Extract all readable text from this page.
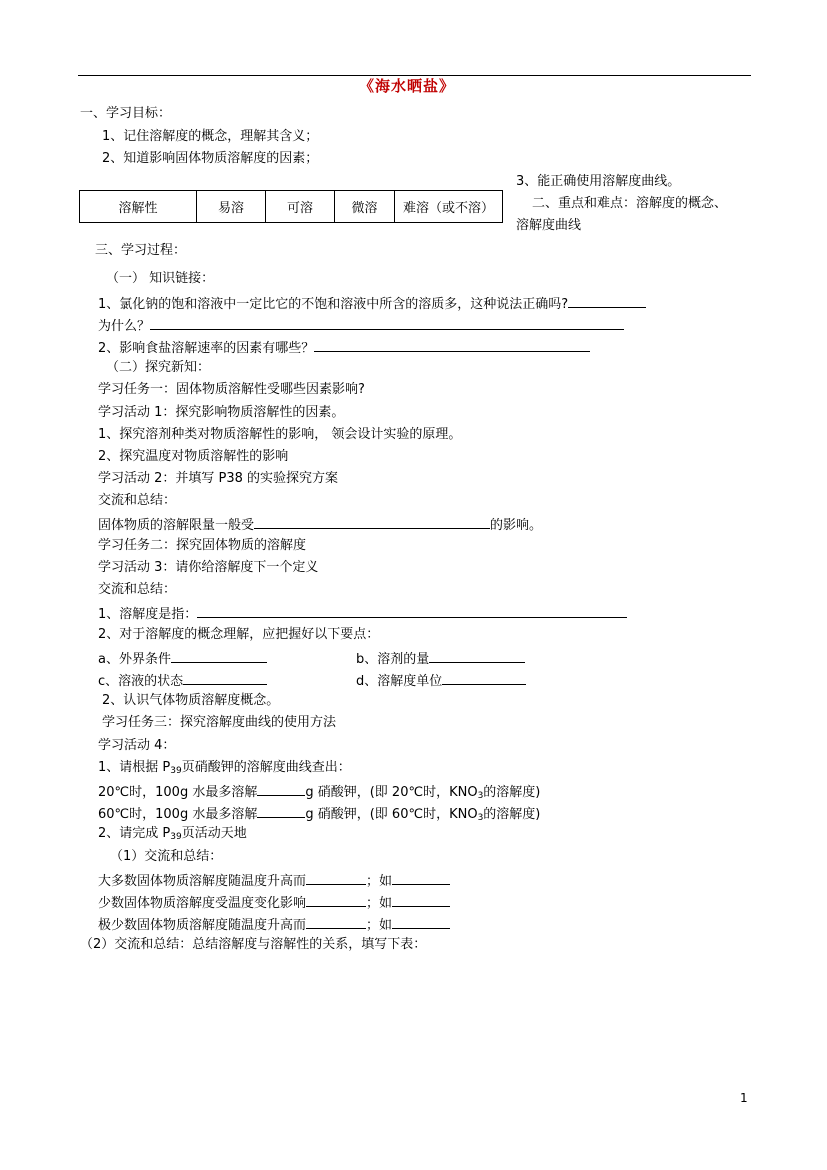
《海水晒盐》
一、学习目标：
1、记住溶解度的概念，理解其含义；
2、知道影响固体物质溶解度的因素；
3、能正确使用溶解度曲线。
二、重点和难点：溶解度的概念、
溶解度曲线
溶解性	易溶	可溶	微溶	难溶（或不溶）
三、学习过程：
（一） 知识链接：
1、氯化钠的饱和溶液中一定比它的不饱和溶液中所含的溶质多，这种说法正确吗?
为什么？
2、影响食盐溶解速率的因素有哪些？
（二）探究新知：
学习任务一：固体物质溶解性受哪些因素影响?
学习活动 1：探究影响物质溶解性的因素。
1、探究溶剂种类对物质溶解性的影响， 领会设计实验的原理。
2、探究温度对物质溶解性的影响
学习活动 2：并填写 P38 的实验探究方案
交流和总结：
固体物质的溶解限量一般受	的影响。
学习任务二：探究固体物质的溶解度
学习活动 3：请你给溶解度下一个定义
交流和总结：
1、溶解度是指：
2、对于溶解度的概念理解，应把握好以下要点：
a、外界条件	b、溶剂的量
c、溶液的状态	d、溶解度单位
2、认识气体物质溶解度概念。
学习任务三：探究溶解度曲线的使用方法
学习活动 4：
1、请根据 $P_{39}$页硝酸钾的溶解度曲线查出：
20℃时，100g 水最多溶解	g 硝酸钾，(即 20℃时，$KNO_3$的溶解度)
60℃时，100g 水最多溶解	g 硝酸钾，(即 60℃时，$KNO_3$的溶解度)
2、请完成 $P_{39}$页活动天地
（1）交流和总结：
大多数固体物质溶解度随温度升高而	；如
少数固体物质溶解度受温度变化影响	；如
极少数固体物质溶解度随温度升高而	；如
（2）交流和总结：总结溶解度与溶解性的关系，填写下表：
1
